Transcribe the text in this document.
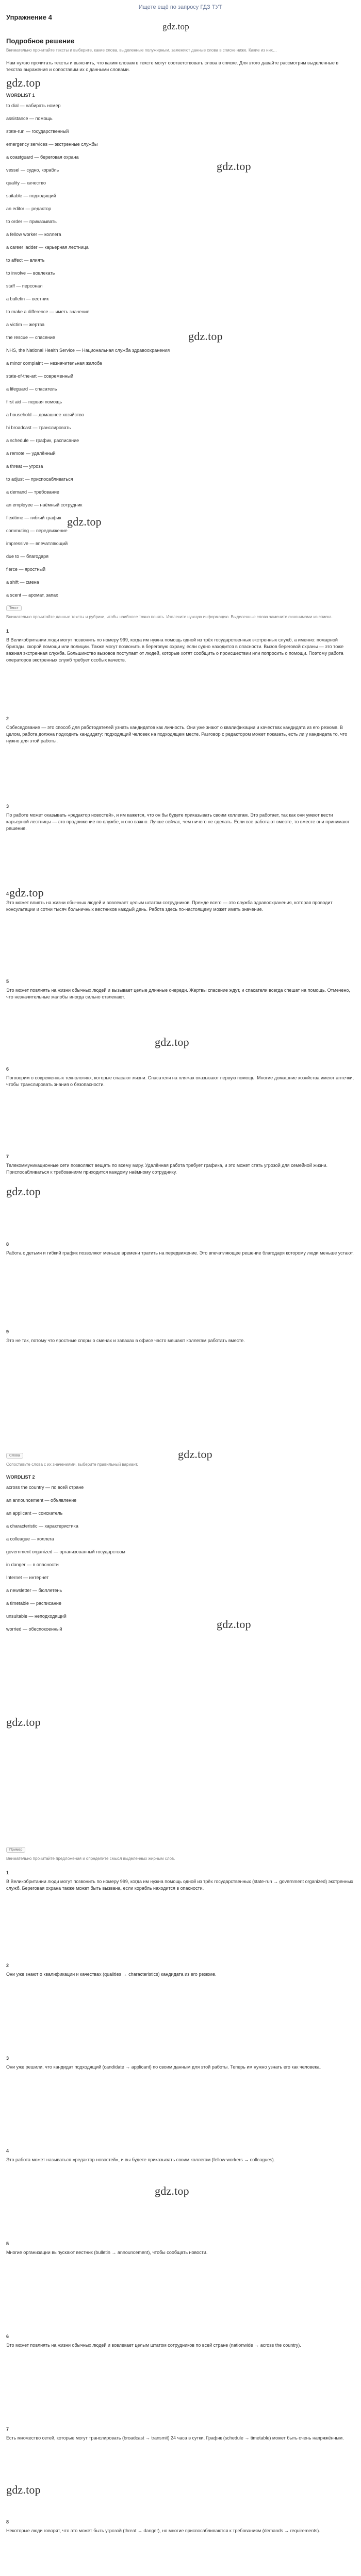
Ищете ещё по запросу ГДЗ ТУТ
Упражнение 4
gdz.top
Подробное решение
Внимательно прочитайте тексты и выберите, какие слова, выделенные полужирным, заменяют данные слова в списке ниже. Какие из них…
Нам нужно прочитать тексты и выяснить, что каким словам в тексте могут соответствовать слова в списке. Для этого давайте рассмотрим выделенные в текстах выражения и сопоставим их с данными словами.
gdz.top
WORDLIST 1
to dial — набирать номер
assistance — помощь
state-run — государственный
emergency services — экстренные службы
a coastguard — береговая охрана
vessel — судно, корабль
quality — качество
suitable — подходящий
an editor — редактор
to order — приказывать
a fellow worker — коллега
a career ladder — карьерная лестница
to affect — влиять
to involve — вовлекать
staff — персонал
a bulletin — вестник
to make a difference — иметь значение
a victim — жертва
the rescue — спасение
NHS, the National Health Service — Национальная служба здравоохранения
a minor complaint — незначительная жалоба
state-of-the-art — современный
a lifeguard — спасатель
ﬁrst aid — первая помощь
a household — домашнее хозяйство
hi broadcast — транслировать
a schedule — график, расписание
a remote — удалённый
a threat — угроза
to adjust — приспосабливаться
a demand — требование
an employee — наёмный сотрудник
ﬂexitime — гибкий график
commuting — передвижение
impressive — впечатляющий
due to — благодаря
ﬁerce — яростный
a shift — смена
a scent — аромат, запах
gdz.top
gdz.top
gdz.top
Текст
Внимательно прочитайте данные тексты и рубрики, чтобы наиболее точно понять. Извлеките нужную информацию. Выделенные слова замените синонимами из списка.
1
В Великобритании люди могут позвонить по номеру 999, когда им нужна помощь одной из трёх государственных экстренных служб, а именно: пожарной бригады, скорой помощи или полиции. Также могут позвонить в береговую охрану, если судно находится в опасности. Вызов береговой охраны — это тоже важная экстренная служба. Большинство вызовов поступает от людей, которые хотят сообщить о происшествии или попросить о помощи. Поэтому работа операторов экстренных служб требует особых качеств.
2
Собеседование — это способ для работодателей узнать кандидатов как личность. Они уже знают о квалификации и качествах кандидата из его резюме. В целом, работа должна подходить кандидату: подходящий человек на подходящем месте. Разговор с редактором может показать, есть ли у кандидата то, что нужно для этой работы.
3
По работе может оказывать «редактор новостей», и им кажется, что он бы будете приказывать своим коллегам. Это работает, так как они умеют вести карьерной лестницы — это продвижение по службе, и оно важно. Лучше сейчас, чем ничего не сделать. Если все работают вместе, то вместе они принимают решение.
4
Это может влиять на жизни обычных людей и вовлекает целым штатом сотрудников. Прежде всего — это служба здравоохранения, которая проводит консультации и сотни тысяч больничных вестников каждый день. Работа здесь по-настоящему может иметь значение.
5
Это может повлиять на жизни обычных людей и вызывает целые длинные очереди. Жертвы спасение ждут, и спасатели всегда спешат на помощь. Отмечено, что незначительные жалобы иногда сильно отвлекают.
6
Поговорим о современных технологиях, которые спасают жизни. Спасатели на пляжах оказывают первую помощь. Многие домашние хозяйства имеют аптечки, чтобы транслировать знания о безопасности.
7
Телекоммуникационные сети позволяют вещать по всему миру. Удалённая работа требует графика, и это может стать угрозой для семейной жизни. Приспосабливаться к требованиям приходится каждому наёмному сотруднику.
8
Работа с детьми и гибкий график позволяют меньше времени тратить на передвижение. Это впечатляющее решение благодаря которому люди меньше устают.
9
Это не так, потому что яростные споры о сменах и запахах в офисе часто мешают коллегам работать вместе.
gdz.top
gdz.top
gdz.top
Слова
Сопоставьте слова с их значениями, выберите правильный вариант.
gdz.top
WORDLIST 2
across the country — по всей стране
an announcement — объявление
an applicant — соискатель
a characteristic — характеристика
a colleague — коллега
government organized — организованный государством
in danger — в опасности
Internet — интернет
a newsletter — бюллетень
a timetable — расписание
unsuitable — неподходящий
worried — обеспокоенный	gdz.top
gdz.top
Пример
Внимательно прочитайте предложения и определите смысл выделенных жирным слов.
1
В Великобритании люди могут позвонить по номеру 999, когда им нужна помощь одной из трёх государственных (state-run → government organized) экстренных служб. Береговая охрана также может быть вызвана, если корабль находится в опасности.
2
Они уже знают о квалификации и качествах (qualities → characteristics) кандидата из его резюме.
3
Они уже решили, что кандидат подходящий (candidate → applicant) по своим данным для этой работы. Теперь им нужно узнать его как человека.
4
Это работа может называться «редактор новостей», и вы будете приказывать своим коллегам (fellow workers → colleagues).
5
Многие организации выпускают вестник (bulletin → announcement), чтобы сообщать новости.
6
Это может повлиять на жизни обычных людей и вовлекает целым штатом сотрудников по всей стране (nationwide → across the country).
7
Есть множество сетей, которые могут транслировать (broadcast → transmit) 24 часа в сутки. График (schedule → timetable) может быть очень напряжённым.
8
Некоторые люди говорят, что это может быть угрозой (threat → danger), но многие приспосабливаются к требованиям (demands → requirements).
gdz.top
gdz.top
